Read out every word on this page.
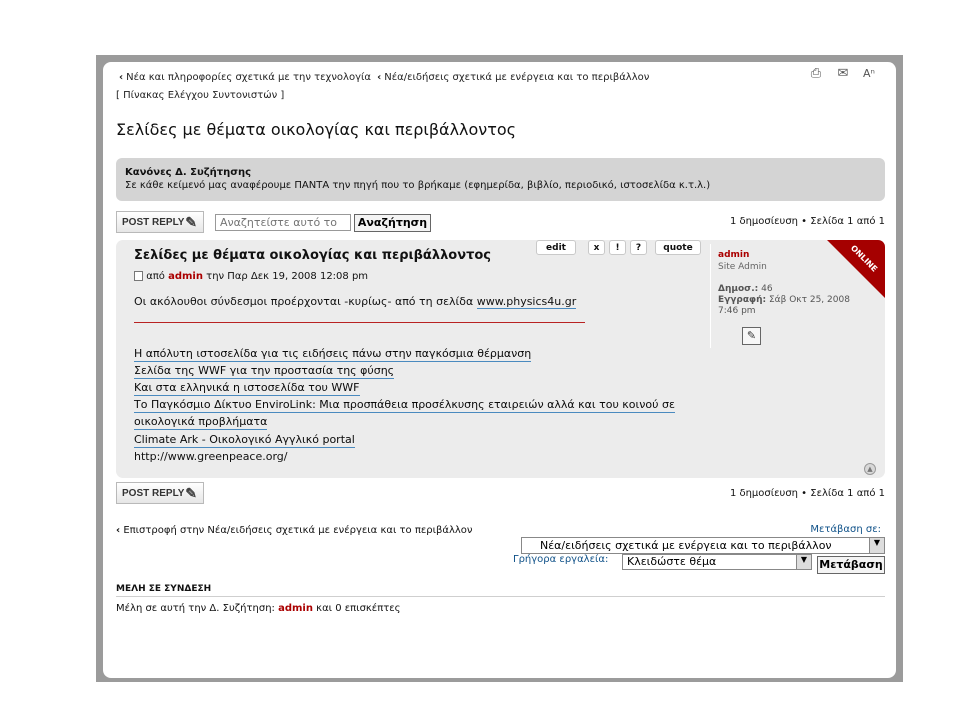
‹ Νέα και πληροφορίες σχετικά με την τεχνολογία ‹ Νέα/ειδήσεις σχετικά με ενέργεια και το περιβάλλον
[ Πίνακας Ελέγχου Συντονιστών ]
⎙ ✉	Aⁿ
Σελίδες με θέματα οικολογίας και περιβάλλοντος
Κανόνες Δ. Συζήτησης
Σε κάθε κείμενό μας αναφέρουμε ΠΑΝΤΑ την πηγή που το βρήκαμε (εφημερίδα, βιβλίο, περιοδικό, ιστοσελίδα κ.τ.λ.)
POST REPLY ✎
Αναζητείστε αυτό το	Αναζήτηση	1 δημοσίευση • Σελίδα 1 από 1
ONLINE
edit	x	!	?	quote
Σελίδες με θέματα οικολογίας και περιβάλλοντος
από admin την Παρ Δεκ 19, 2008 12:08 pm
Οι ακόλουθοι σύνδεσμοι προέρχονται -κυρίως- από τη σελίδα www.physics4u.gr
Η απόλυτη ιστοσελίδα για τις ειδήσεις πάνω στην παγκόσμια θέρμανση
Σελίδα της WWF για την προστασία της φύσης
Και στα ελληνικά η ιστοσελίδα του WWF
Το Παγκόσμιο Δίκτυο EnviroLink: Μια προσπάθεια προσέλκυσης εταιρειών αλλά και του κοινού σε
οικολογικά προβλήματα
Climate Ark - Οικολογικό Αγγλικό portal
http://www.greenpeace.org/
admin
Site Admin
Δημοσ.: 46
Εγγραφή: Σάβ Οκτ 25, 2008
7:46 pm
✎
▲
POST REPLY ✎	1 δημοσίευση • Σελίδα 1 από 1
‹ Επιστροφή στην Νέα/ειδήσεις σχετικά με ενέργεια και το περιβάλλον	Μετάβαση σε:
Νέα/ειδήσεις σχετικά με ενέργεια και το περιβάλλον	▼
Γρήγορα εργαλεία:	Κλειδώστε θέμα	▼	Μετάβαση
ΜΕΛΗ ΣΕ ΣΥΝΔΕΣΗ
Μέλη σε αυτή την Δ. Συζήτηση: admin και 0 επισκέπτες
